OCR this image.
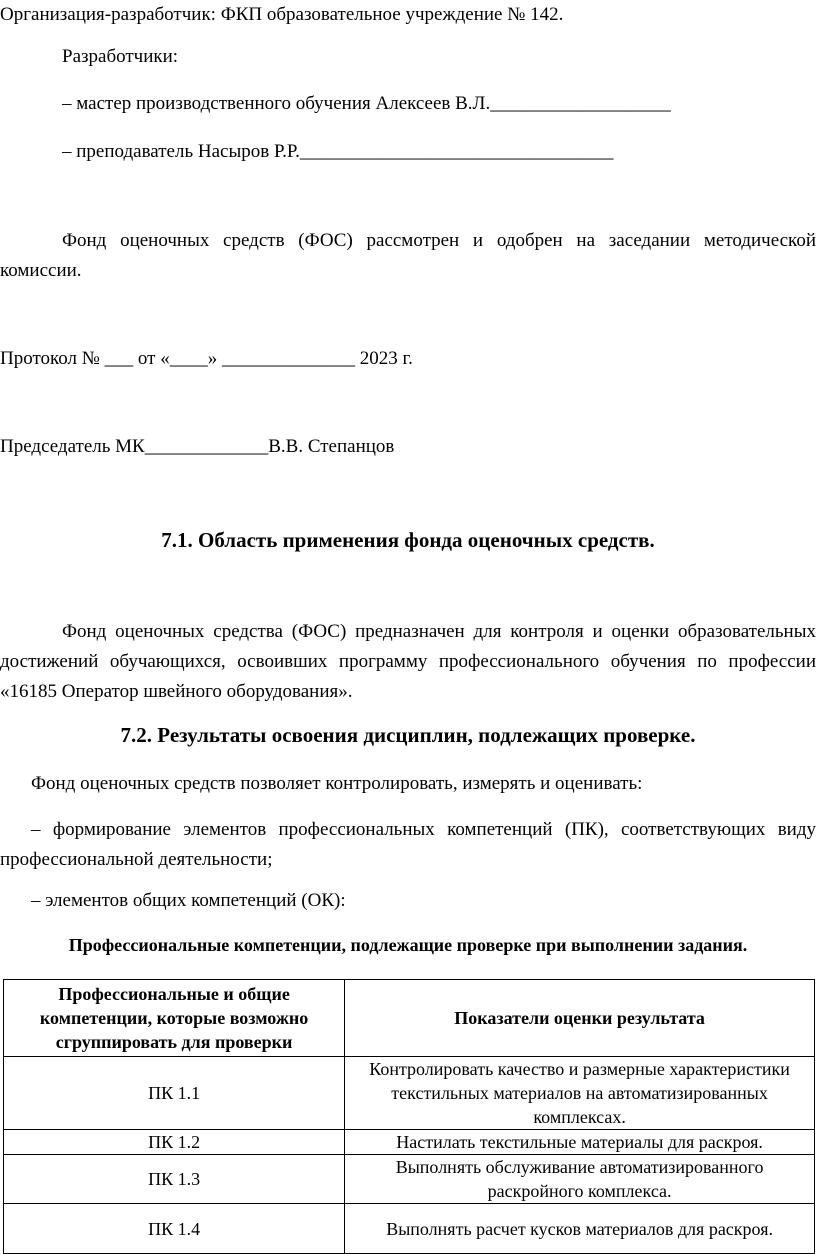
Организация-разработчик: ФКП образовательное учреждение № 142.

Разработчики:

– мастер производственного обучения Алексеев В.Л.___________________

– преподаватель Насыров Р.Р._________________________________

Фонд оценочных средств (ФОС) рассмотрен и одобрен на заседании методической комиссии.

Протокол № ___ от «____» ______________ 2023 г.

Председатель МК_____________В.В. Степанцов

7.1. Область применения фонда оценочных средств.

Фонд оценочных средства (ФОС) предназначен для контроля и оценки образовательных достижений обучающихся, освоивших программу профессионального обучения по профессии «16185 Оператор швейного оборудования».

7.2. Результаты освоения дисциплин, подлежащих проверке.

Фонд оценочных средств позволяет контролировать, измерять и оценивать:

– формирование элементов профессиональных компетенций (ПК), соответствующих виду профессиональной деятельности;

– элементов общих компетенций (ОК):

Профессиональные компетенции, подлежащие проверке при выполнении задания.

Профессиональные и общие компетенции, которые возможно сгруппировать для проверки	Показатели оценки результата
ПК 1.1	Контролировать качество и размерные характеристики текстильных материалов на автоматизированных комплексах.
ПК 1.2	Настилать текстильные материалы для раскроя.
ПК 1.3	Выполнять обслуживание автоматизированного раскройного комплекса.
ПК 1.4	Выполнять расчет кусков материалов для раскроя.
